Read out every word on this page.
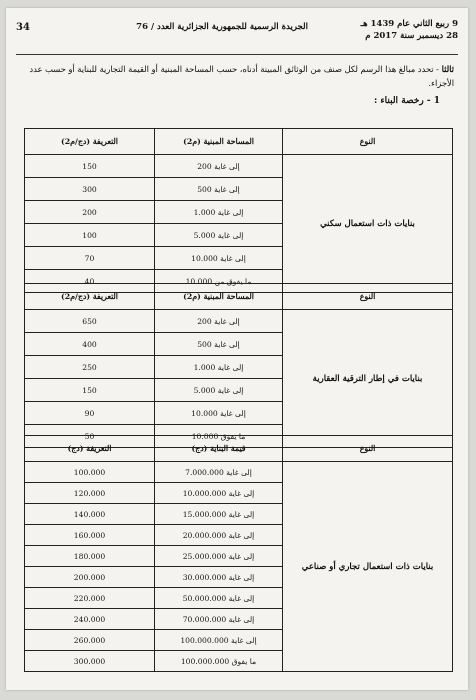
9 ربيع الثاني عام 1439 هـ
28 ديسمبر سنة 2017 م
الجريدة الرسمية للجمهورية الجزائرية العدد / 76
34
ثالثا - تحدد مبالغ هذا الرسم لكل صنف من الوثائق المبينة أدناه، حسب المساحة المبنية أو القيمة التجارية للبناية أو حسب عدد الأجزاء.
1 - رخصة البناء :
النوع	المساحة المبنية (م2)	التعريفة (دج/م2)
بنايات ذات استعمال سكني	إلى غاية 200	150
	إلى غاية 500	300
	إلى غاية 1.000	200
	إلى غاية 5.000	100
	إلى غاية 10.000	70
	ما يفوق من 10.000	40
النوع	المساحة المبنية (م2)	التعريفة (دج/م2)
بنايات في إطار الترقية العقارية	إلى غاية 200	650
	إلى غاية 500	400
	إلى غاية 1.000	250
	إلى غاية 5.000	150
	إلى غاية 10.000	90
	ما يفوق 10.000	50
النوع	قيمة البناية (دج)	التعريفة (دج)
بنايات ذات استعمال تجاري أو صناعي	إلى غاية 7.000.000	100.000
	إلى غاية 10.000.000	120.000
	إلى غاية 15.000.000	140.000
	إلى غاية 20.000.000	160.000
	إلى غاية 25.000.000	180.000
	إلى غاية 30.000.000	200.000
	إلى غاية 50.000.000	220.000
	إلى غاية 70.000.000	240.000
	إلى غاية 100.000.000	260.000
	ما يفوق 100.000.000	300.000
